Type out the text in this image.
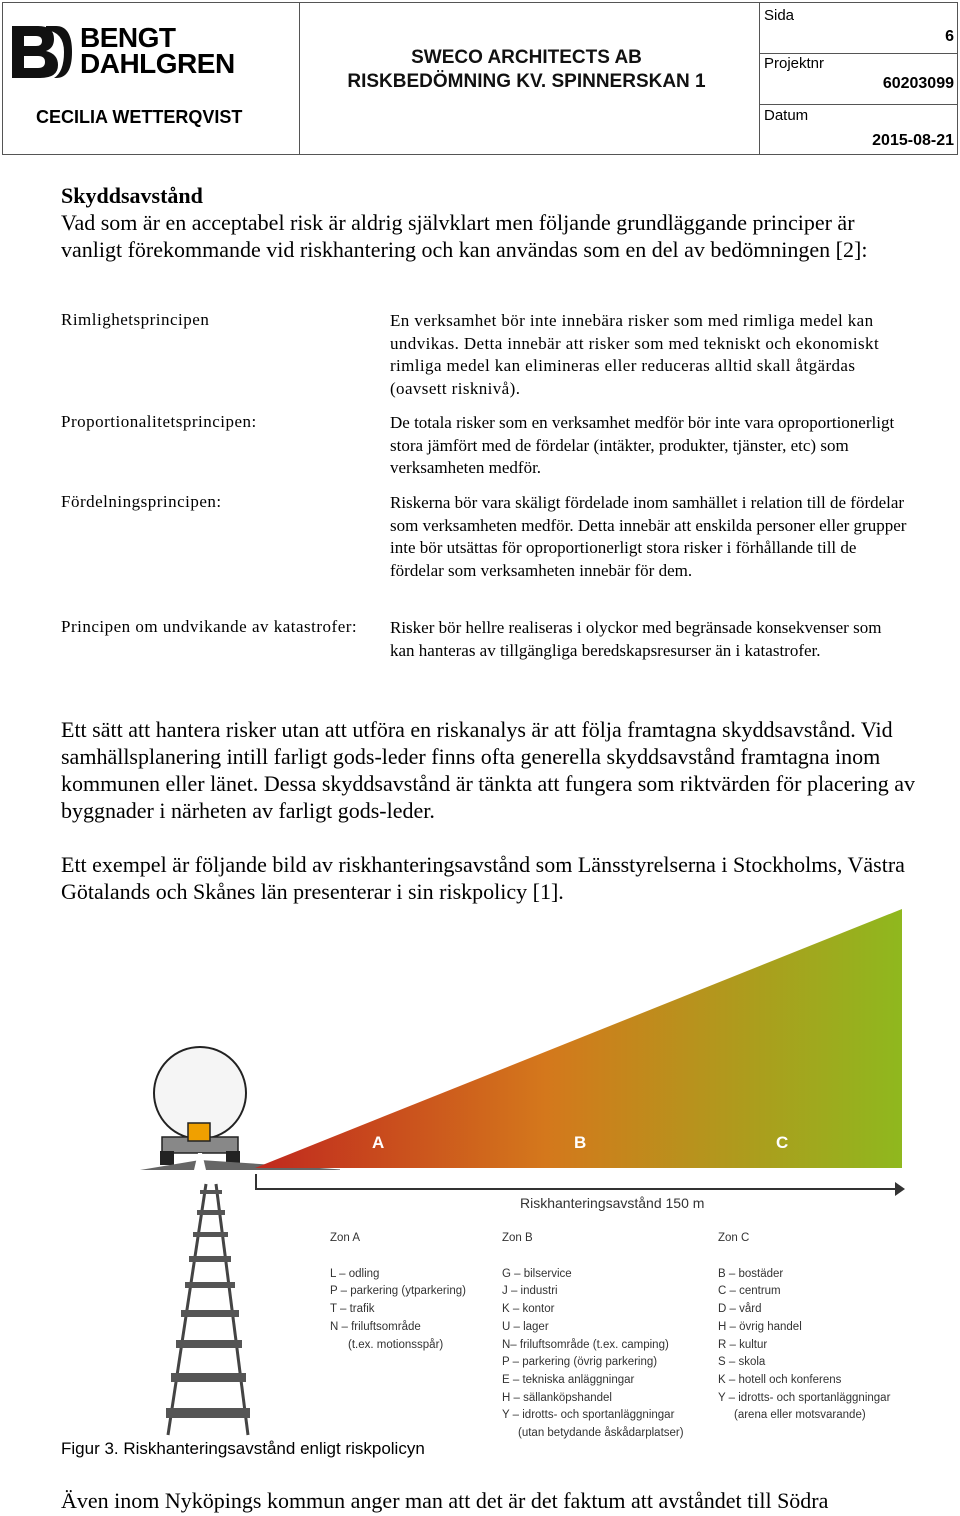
BENGT
DAHLGREN
CECILIA WETTERQVIST
SWECO ARCHITECTS AB
RISKBEDÖMNING KV. SPINNERSKAN 1
Sida
6
Projektnr
60203099
Datum
2015-08-21
Skyddsavstånd
Vad som är en acceptabel risk är aldrig självklart men följande grundläggande principer är vanligt förekommande vid riskhantering och kan användas som en del av bedömningen [2]:
Rimlighetsprincipen	En verksamhet bör inte innebära risker som med rimliga medel kan undvikas. Detta innebär att risker som med tekniskt och ekonomiskt rimliga medel kan elimineras eller reduceras alltid skall åtgärdas (oavsett risknivå).
Proportionalitetsprincipen:	De totala risker som en verksamhet medför bör inte vara oproportionerligt stora jämfört med de fördelar (intäkter, produkter, tjänster, etc) som verksamheten medför.
Fördelningsprincipen:	Riskerna bör vara skäligt fördelade inom samhället i relation till de fördelar som verksamheten medför. Detta innebär att enskilda personer eller grupper inte bör utsättas för oproportionerligt stora risker i förhållande till de fördelar som verksamheten innebär för dem.
Principen om undvikande av katastrofer: Risker bör hellre realiseras i olyckor med begränsade konsekvenser som kan hanteras av tillgängliga beredskapsresurser än i katastrofer.
Ett sätt att hantera risker utan att utföra en riskanalys är att följa framtagna skyddsavstånd. Vid samhällsplanering intill farligt gods-leder finns ofta generella skyddsavstånd framtagna inom kommunen eller länet. Dessa skyddsavstånd är tänkta att fungera som riktvärden för placering av byggnader i närheten av farligt gods-leder.
Ett exempel är följande bild av riskhanteringsavstånd som Länsstyrelserna i Stockholms, Västra Götalands och Skånes län presenterar i sin riskpolicy [1].
A	B	C
Riskhanteringsavstånd 150 m
Zon A
L – odling
P – parkering (ytparkering)
T – trafik
N – friluftsområde
(t.ex. motionsspår)
Zon B
G – bilservice
J – industri
K – kontor
U – lager
N– friluftsområde (t.ex. camping)
P – parkering (övrig parkering)
E – tekniska anläggningar
H – sällanköpshandel
Y – idrotts- och sportanläggningar
(utan betydande åskådarplatser)
Zon C
B – bostäder
C – centrum
D – vård
H – övrig handel
R – kultur
S – skola
K – hotell och konferens
Y – idrotts- och sportanläggningar
(arena eller motsvarande)
Figur 3. Riskhanteringsavstånd enligt riskpolicyn
Även inom Nyköpings kommun anger man att det är det faktum att avståndet till Södra
